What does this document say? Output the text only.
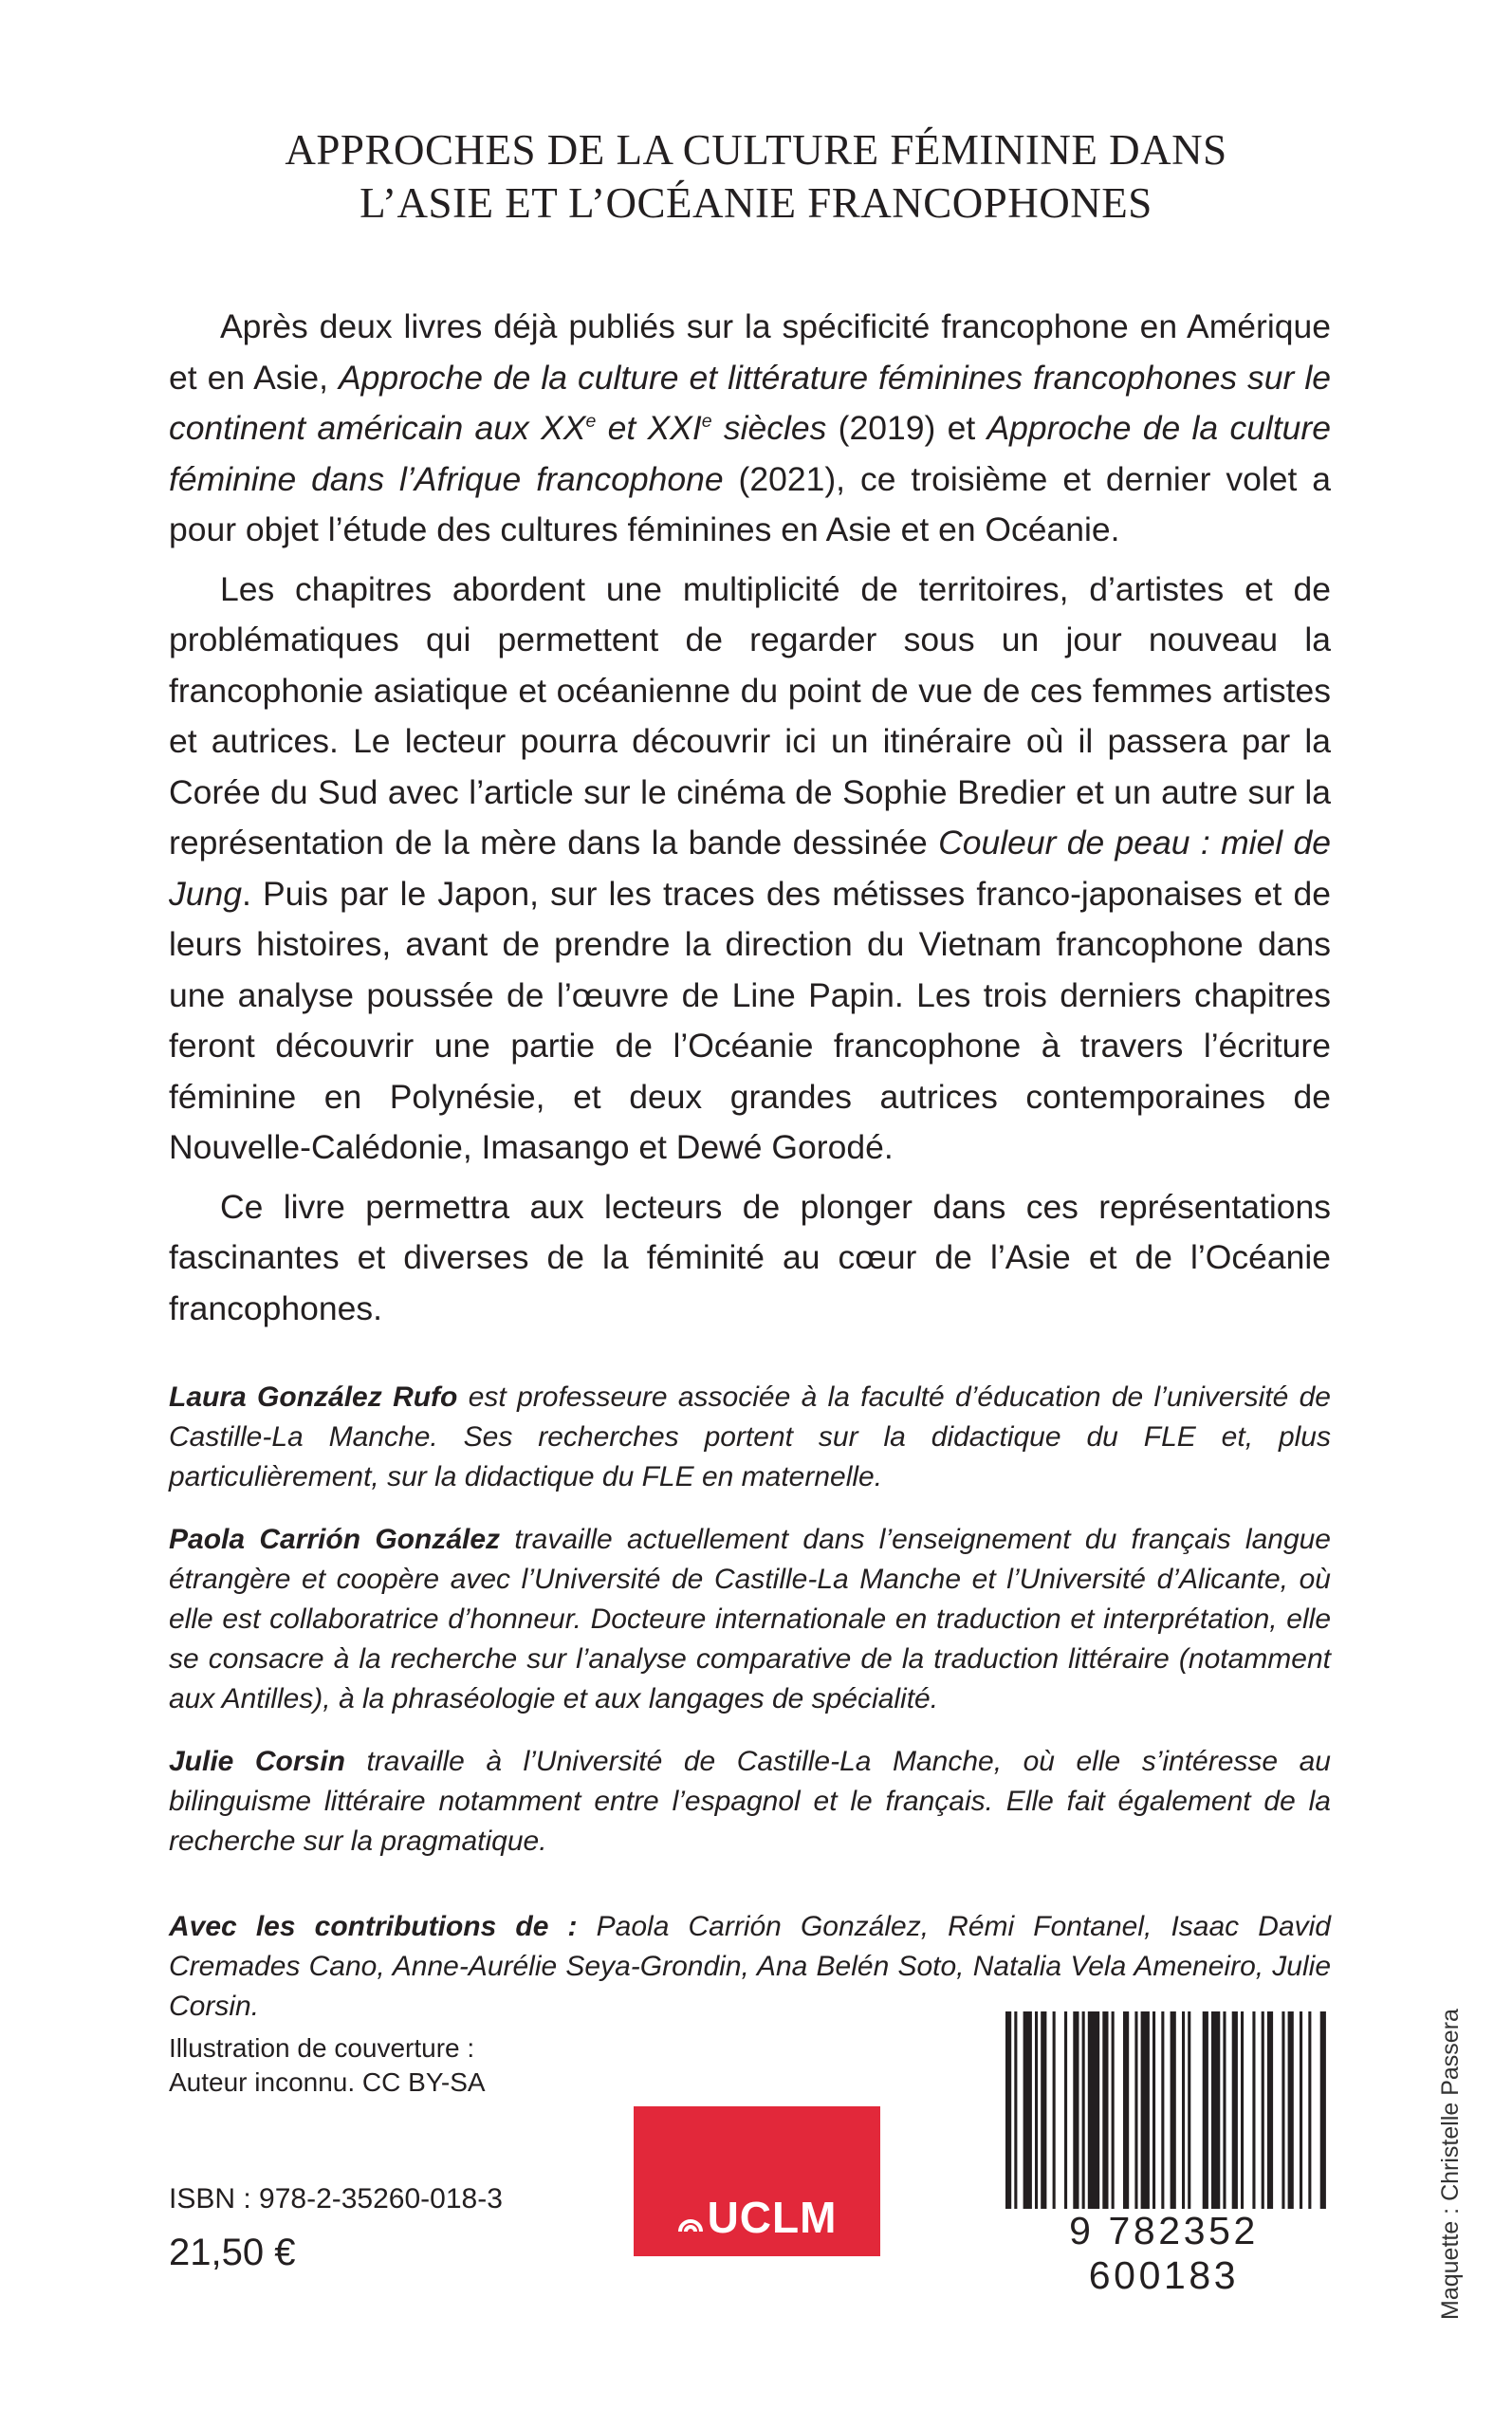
APPROCHES DE LA CULTURE FÉMININE DANS
L’ASIE ET L’OCÉANIE FRANCOPHONES

Après deux livres déjà publiés sur la spécificité francophone en Amérique et en Asie, Approche de la culture et littérature féminines francophones sur le continent américain aux XXe et XXIe siècles (2019) et Approche de la culture féminine dans l’Afrique francophone (2021), ce troisième et dernier volet a pour objet l’étude des cultures féminines en Asie et en Océanie.

Les chapitres abordent une multiplicité de territoires, d’artistes et de problématiques qui permettent de regarder sous un jour nouveau la francophonie asiatique et océanienne du point de vue de ces femmes artistes et autrices. Le lecteur pourra découvrir ici un itinéraire où il passera par la Corée du Sud avec l’article sur le cinéma de Sophie Bredier et un autre sur la représentation de la mère dans la bande dessinée Couleur de peau : miel de Jung. Puis par le Japon, sur les traces des métisses franco-japonaises et de leurs histoires, avant de prendre la direction du Vietnam francophone dans une analyse poussée de l’œuvre de Line Papin. Les trois derniers chapitres feront découvrir une partie de l’Océanie francophone à travers l’écriture féminine en Polynésie, et deux grandes autrices contemporaines de Nouvelle-Calédonie, Imasango et Dewé Gorodé.

Ce livre permettra aux lecteurs de plonger dans ces représentations fascinantes et diverses de la féminité au cœur de l’Asie et de l’Océanie francophones.

Laura González Rufo est professeure associée à la faculté d’éducation de l’université de Castille-La Manche. Ses recherches portent sur la didactique du FLE et, plus particulièrement, sur la didactique du FLE en maternelle.

Paola Carrión González travaille actuellement dans l’enseignement du français langue étrangère et coopère avec l’Université de Castille-La Manche et l’Université d’Alicante, où elle est collaboratrice d’honneur. Docteure internationale en traduction et interprétation, elle se consacre à la recherche sur l’analyse comparative de la traduction littéraire (notamment aux Antilles), à la phraséologie et aux langages de spécialité.

Julie Corsin travaille à l’Université de Castille-La Manche, où elle s’intéresse au bilinguisme littéraire notamment entre l’espagnol et le français. Elle fait également de la recherche sur la pragmatique.

Avec les contributions de : Paola Carrión González, Rémi Fontanel, Isaac David Cremades Cano, Anne-Aurélie Seya-Grondin, Ana Belén Soto, Natalia Vela Ameneiro, Julie Corsin.

Illustration de couverture :
Auteur inconnu. CC BY-SA
ISBN : 978-2-35260-018-3
21,50 €
UCLM	9 782352 600183	Maquette : Christelle Passera
